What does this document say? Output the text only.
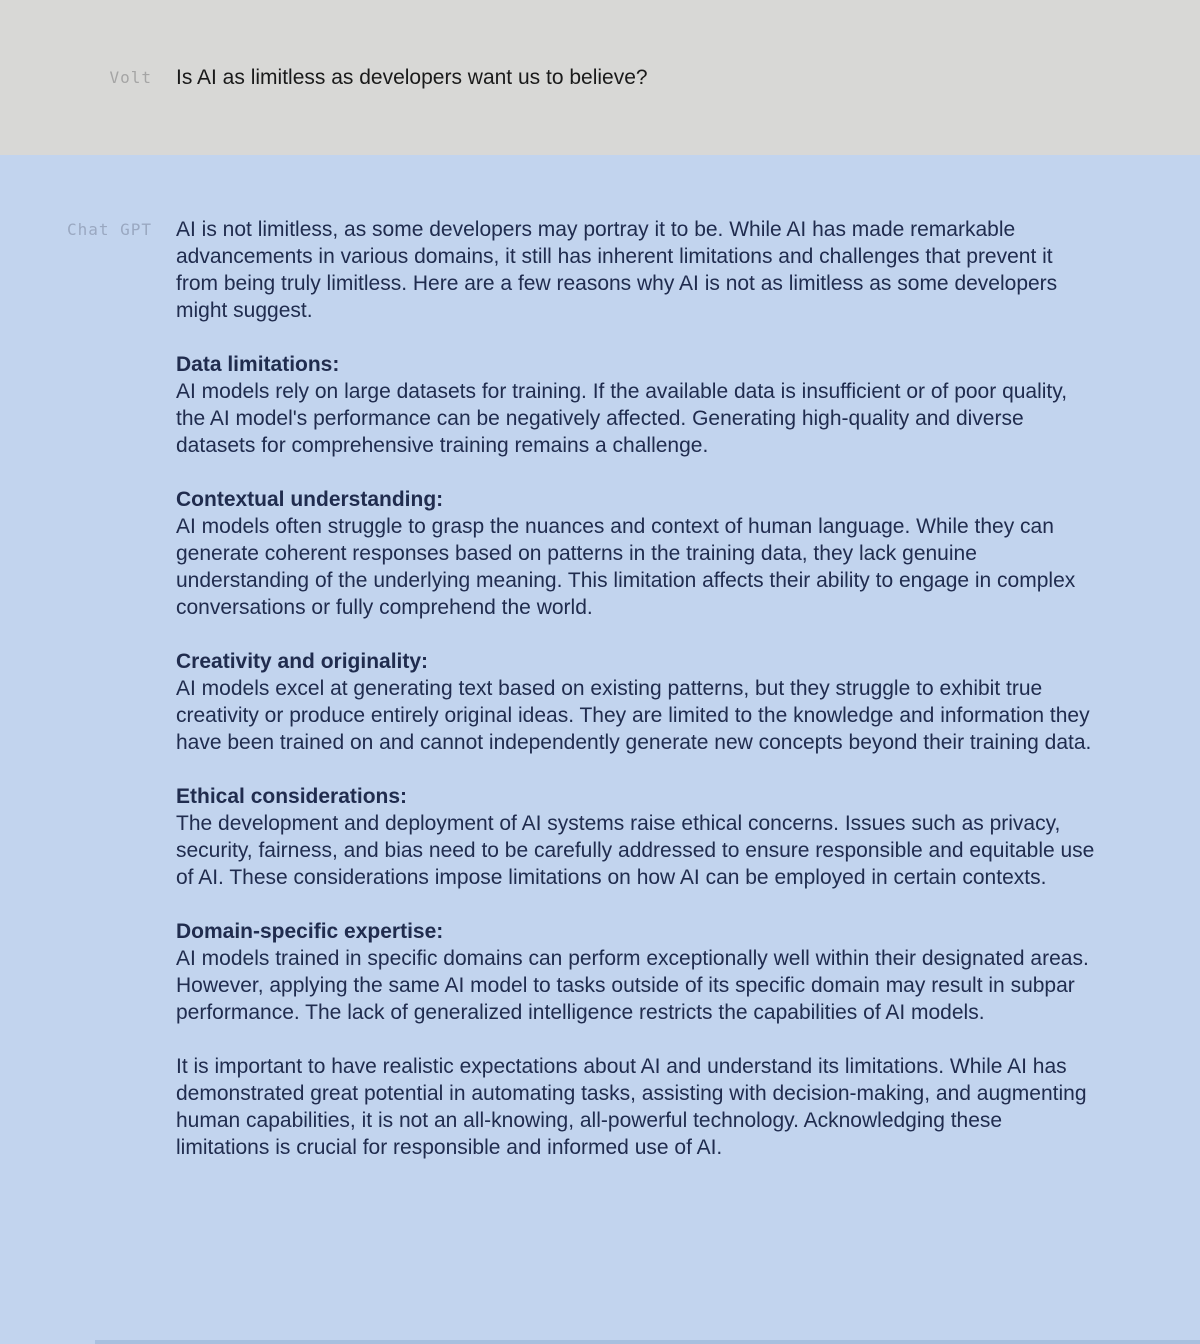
Volt Is AI as limitless as developers want us to believe?
Chat GPT AI is not limitless, as some developers may portray it to be. While AI has made remarkable advancements in various domains, it still has inherent limitations and challenges that prevent it from being truly limitless. Here are a few reasons why AI is not as limitless as some developers might suggest.
Data limitations:
AI models rely on large datasets for training. If the available data is insufficient or of poor quality, the AI model's performance can be negatively affected. Generating high-quality and diverse datasets for comprehensive training remains a challenge.
Contextual understanding:
AI models often struggle to grasp the nuances and context of human language. While they can generate coherent responses based on patterns in the training data, they lack genuine understanding of the underlying meaning. This limitation affects their ability to engage in complex conversations or fully comprehend the world.
Creativity and originality:
AI models excel at generating text based on existing patterns, but they struggle to exhibit true creativity or produce entirely original ideas. They are limited to the knowledge and information they have been trained on and cannot independently generate new concepts beyond their training data.
Ethical considerations:
The development and deployment of AI systems raise ethical concerns. Issues such as privacy, security, fairness, and bias need to be carefully addressed to ensure responsible and equitable use of AI. These considerations impose limitations on how AI can be employed in certain contexts.
Domain-specific expertise:
AI models trained in specific domains can perform exceptionally well within their designated areas. However, applying the same AI model to tasks outside of its specific domain may result in subpar performance. The lack of generalized intelligence restricts the capabilities of AI models.
It is important to have realistic expectations about AI and understand its limitations. While AI has demonstrated great potential in automating tasks, assisting with decision-making, and augmenting human capabilities, it is not an all-knowing, all-powerful technology. Acknowledging these limitations is crucial for responsible and informed use of AI.
